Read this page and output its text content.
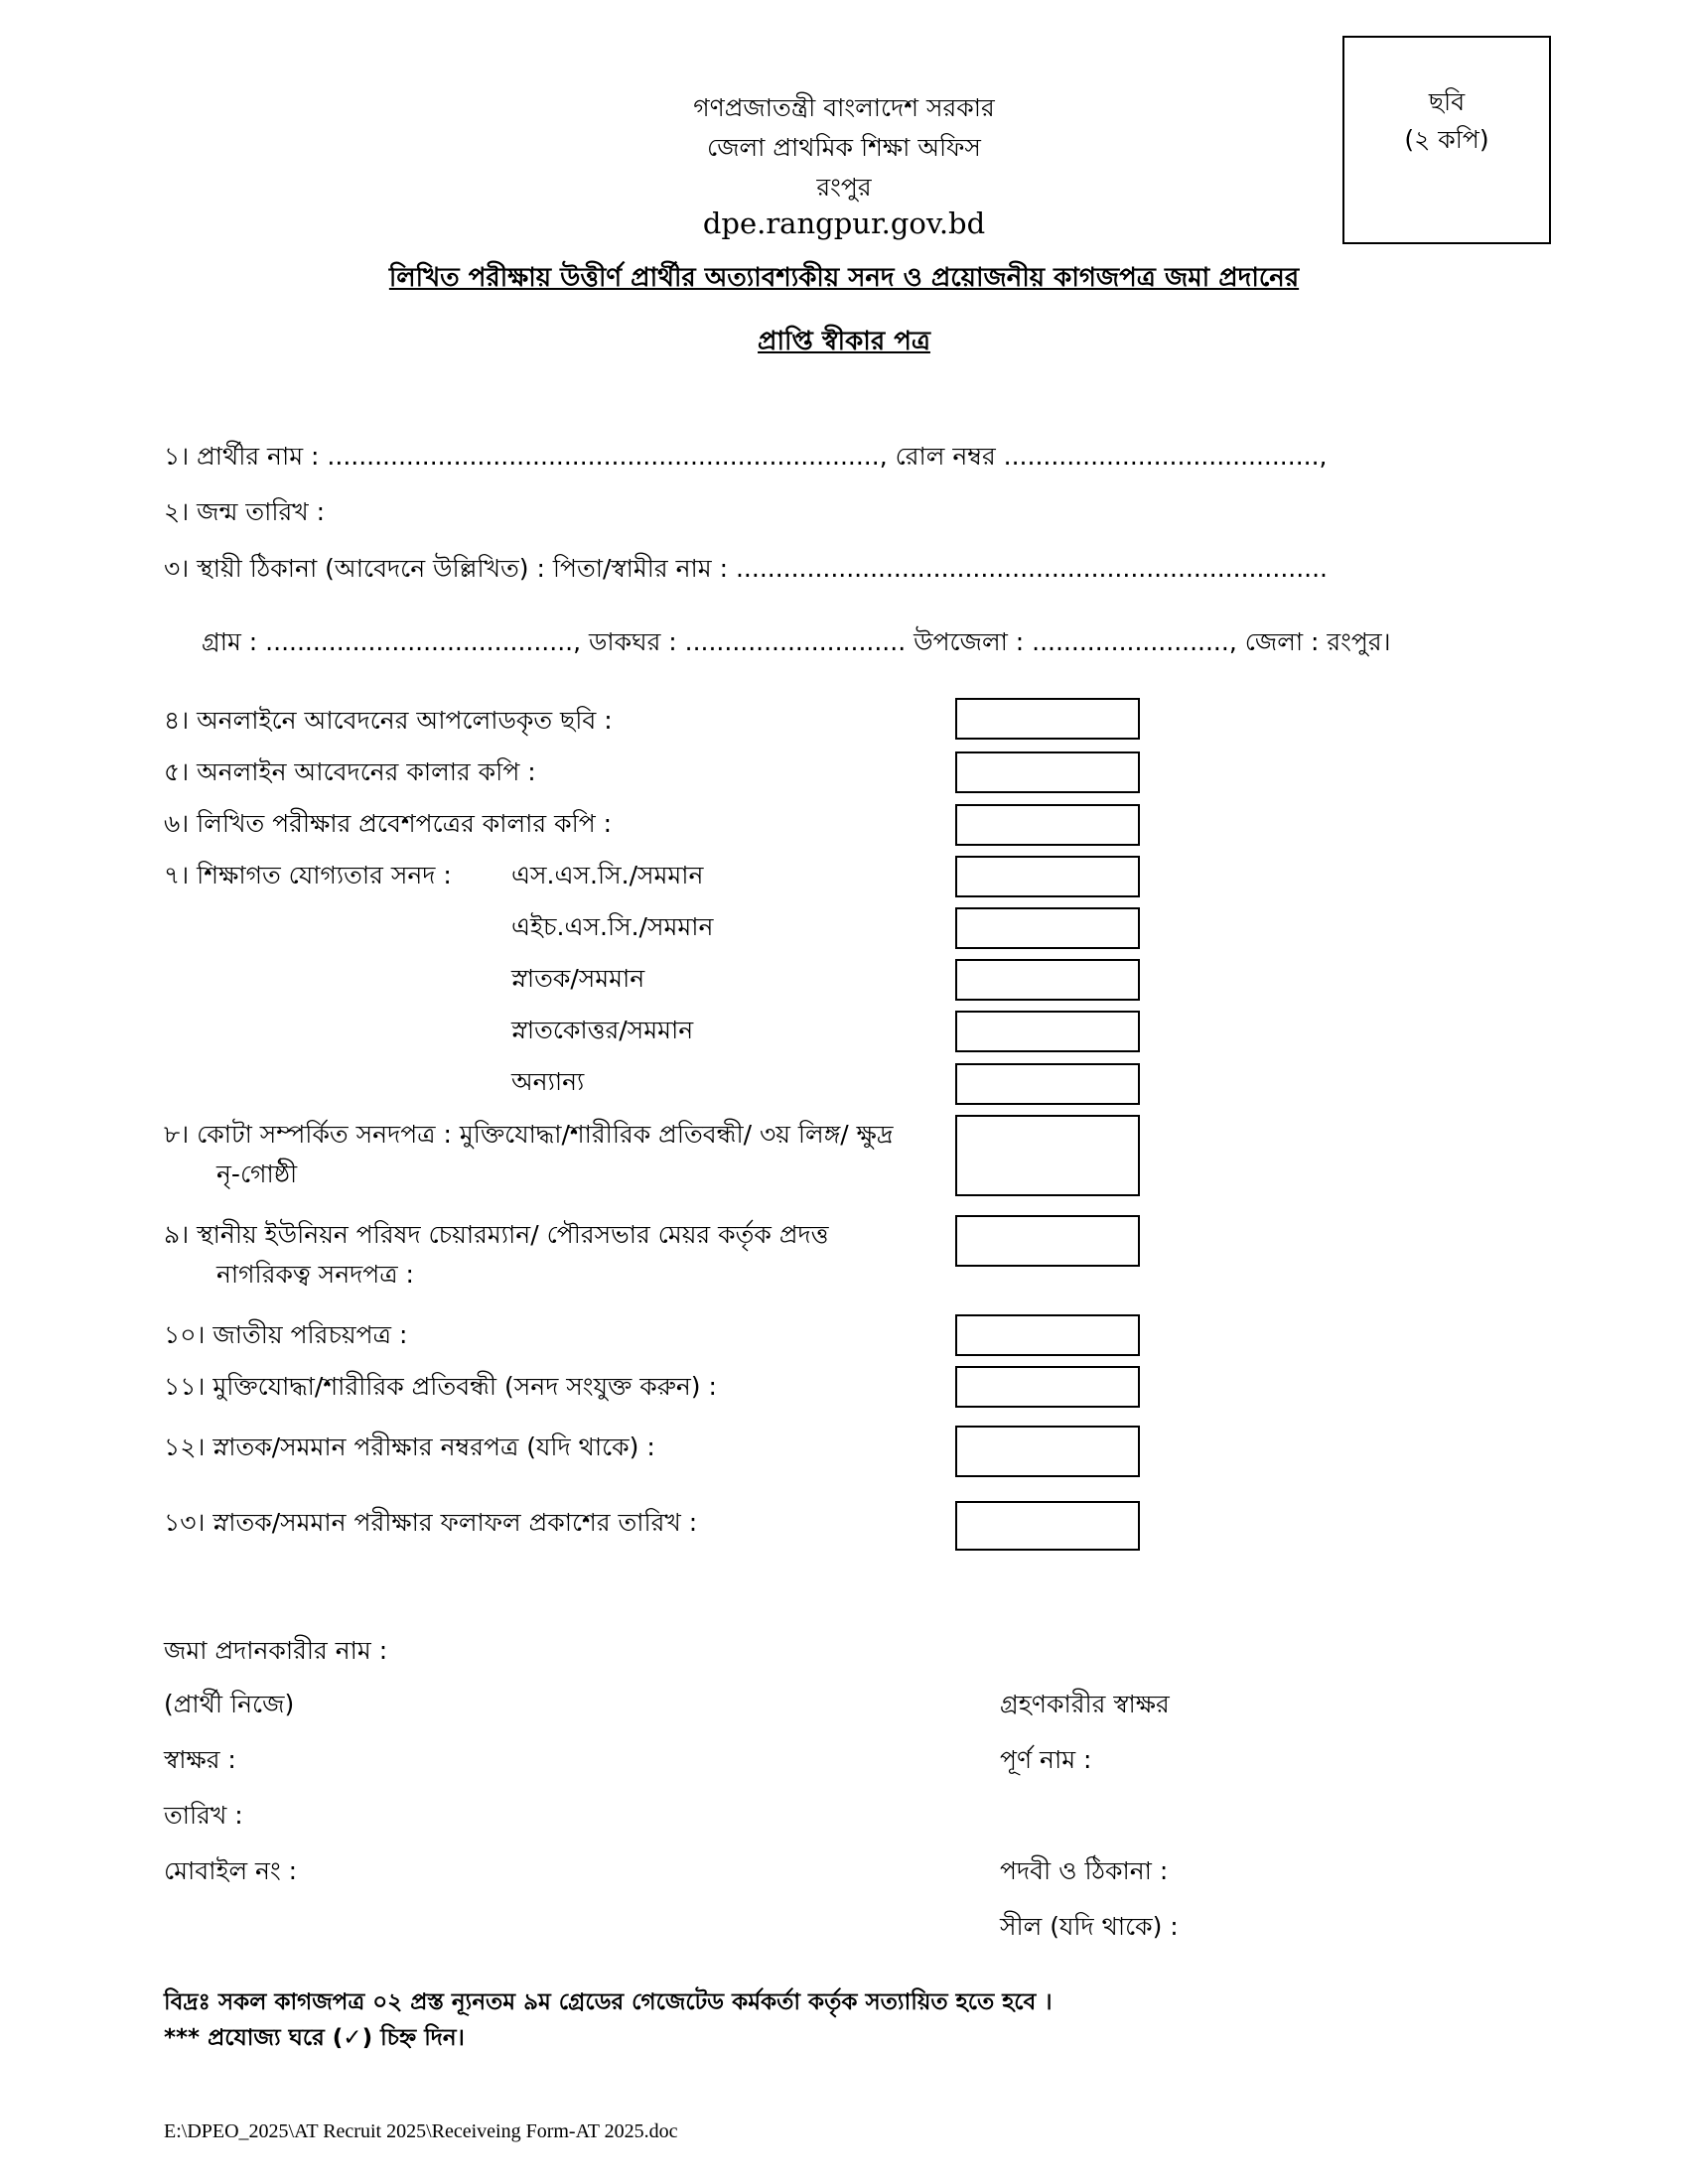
ছবি
(২ কপি)
গণপ্রজাতন্ত্রী বাংলাদেশ সরকার
জেলা প্রাথমিক শিক্ষা অফিস
রংপুর
dpe.rangpur.gov.bd
লিখিত পরীক্ষায় উত্তীর্ণ প্রার্থীর অত্যাবশ্যকীয় সনদ ও প্রয়োজনীয় কাগজপত্র জমা প্রদানের
প্রাপ্তি স্বীকার পত্র
১। প্রার্থীর নাম : ......................................................................, রোল নম্বর ........................................,
২। জন্ম তারিখ :
৩। স্থায়ী ঠিকানা (আবেদনে উল্লিখিত) : পিতা/স্বামীর নাম : ...........................................................................
গ্রাম : ......................................., ডাকঘর : ............................ উপজেলা : ........................., জেলা : রংপুর।
৪। অনলাইনে আবেদনের আপলোডকৃত ছবি :
৫। অনলাইন আবেদনের কালার কপি :
৬। লিখিত পরীক্ষার প্রবেশপত্রের কালার কপি :
৭। শিক্ষাগত যোগ্যতার সনদ : এস.এস.সি./সমমান
এইচ.এস.সি./সমমান
স্নাতক/সমমান
স্নাতকোত্তর/সমমান
অন্যান্য
৮। কোটা সম্পর্কিত সনদপত্র : মুক্তিযোদ্ধা/শারীরিক প্রতিবন্ধী/ ৩য় লিঙ্গ/ ক্ষুদ্র
নৃ-গোষ্ঠী
৯। স্থানীয় ইউনিয়ন পরিষদ চেয়ারম্যান/ পৌরসভার মেয়র কর্তৃক প্রদত্ত
নাগরিকত্ব সনদপত্র :
১০। জাতীয় পরিচয়পত্র :
১১। মুক্তিযোদ্ধা/শারীরিক প্রতিবন্ধী (সনদ সংযুক্ত করুন) :
১২। স্নাতক/সমমান পরীক্ষার নম্বরপত্র (যদি থাকে) :
১৩। স্নাতক/সমমান পরীক্ষার ফলাফল প্রকাশের তারিখ :
জমা প্রদানকারীর নাম :
(প্রার্থী নিজে)
স্বাক্ষর :
তারিখ :
মোবাইল নং :
গ্রহণকারীর স্বাক্ষর
পূর্ণ নাম :
পদবী ও ঠিকানা :
সীল (যদি থাকে) :
বিদ্রঃ সকল কাগজপত্র ০২ প্রস্ত ন্যূনতম ৯ম গ্রেডের গেজেটেড কর্মকর্তা কর্তৃক সত্যায়িত হতে হবে ।
*** প্রযোজ্য ঘরে (✓) চিহ্ন দিন।
E:\DPEO_2025\AT Recruit 2025\Receiveing Form-AT 2025.doc
